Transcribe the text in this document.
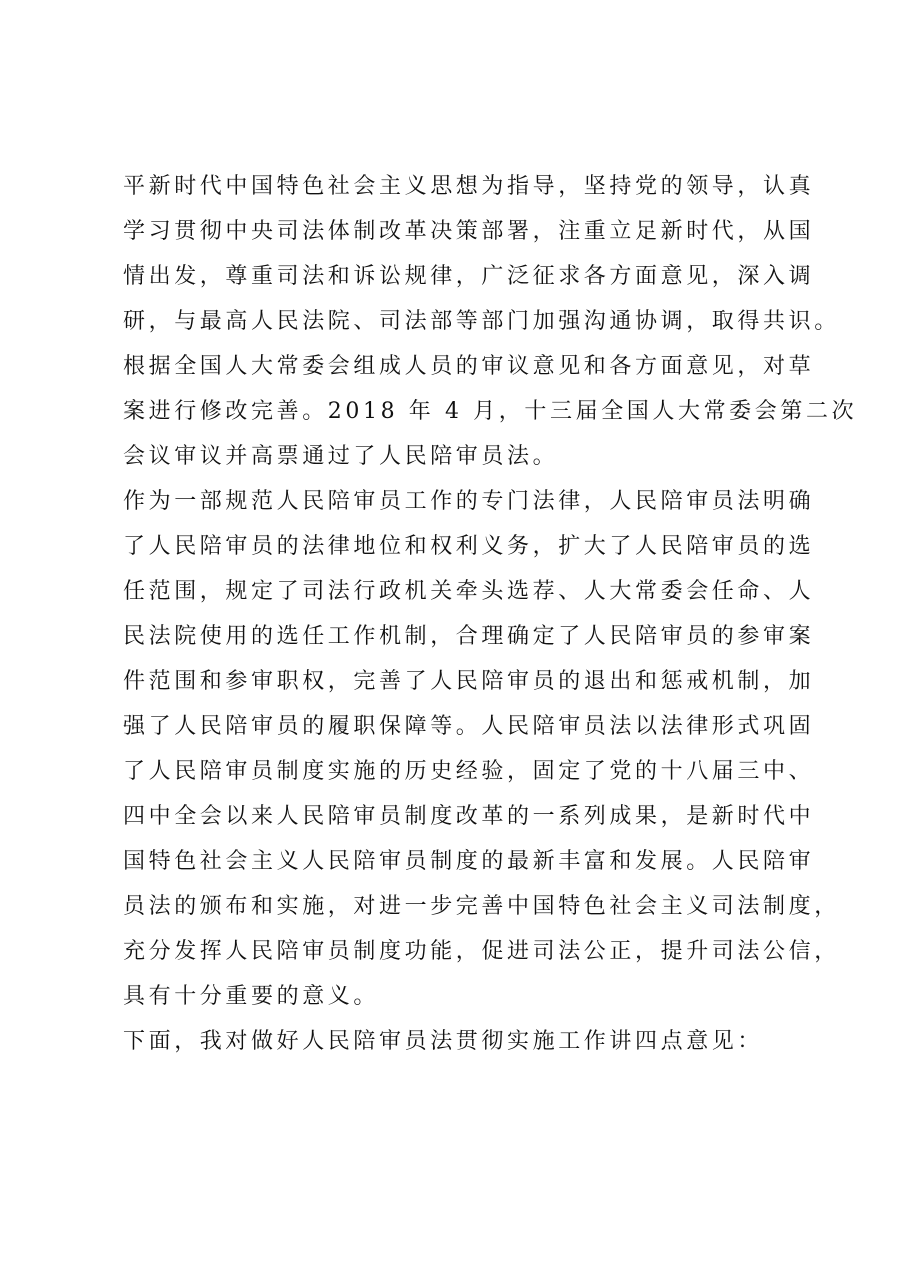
平新时代中国特色社会主义思想为指导，坚持党的领导，认真

学习贯彻中央司法体制改革决策部署，注重立足新时代，从国

情出发，尊重司法和诉讼规律，广泛征求各方面意见，深入调

研，与最高人民法院、司法部等部门加强沟通协调，取得共识。

根据全国人大常委会组成人员的审议意见和各方面意见，对草

案进行修改完善。2018 年 4 月，十三届全国人大常委会第二次

会议审议并高票通过了人民陪审员法。

作为一部规范人民陪审员工作的专门法律，人民陪审员法明确

了人民陪审员的法律地位和权利义务，扩大了人民陪审员的选

任范围，规定了司法行政机关牵头选荐、人大常委会任命、人

民法院使用的选任工作机制，合理确定了人民陪审员的参审案

件范围和参审职权，完善了人民陪审员的退出和惩戒机制，加

强了人民陪审员的履职保障等。人民陪审员法以法律形式巩固

了人民陪审员制度实施的历史经验，固定了党的十八届三中、

四中全会以来人民陪审员制度改革的一系列成果，是新时代中

国特色社会主义人民陪审员制度的最新丰富和发展。人民陪审

员法的颁布和实施，对进一步完善中国特色社会主义司法制度，

充分发挥人民陪审员制度功能，促进司法公正，提升司法公信，

具有十分重要的意义。

下面，我对做好人民陪审员法贯彻实施工作讲四点意见：
